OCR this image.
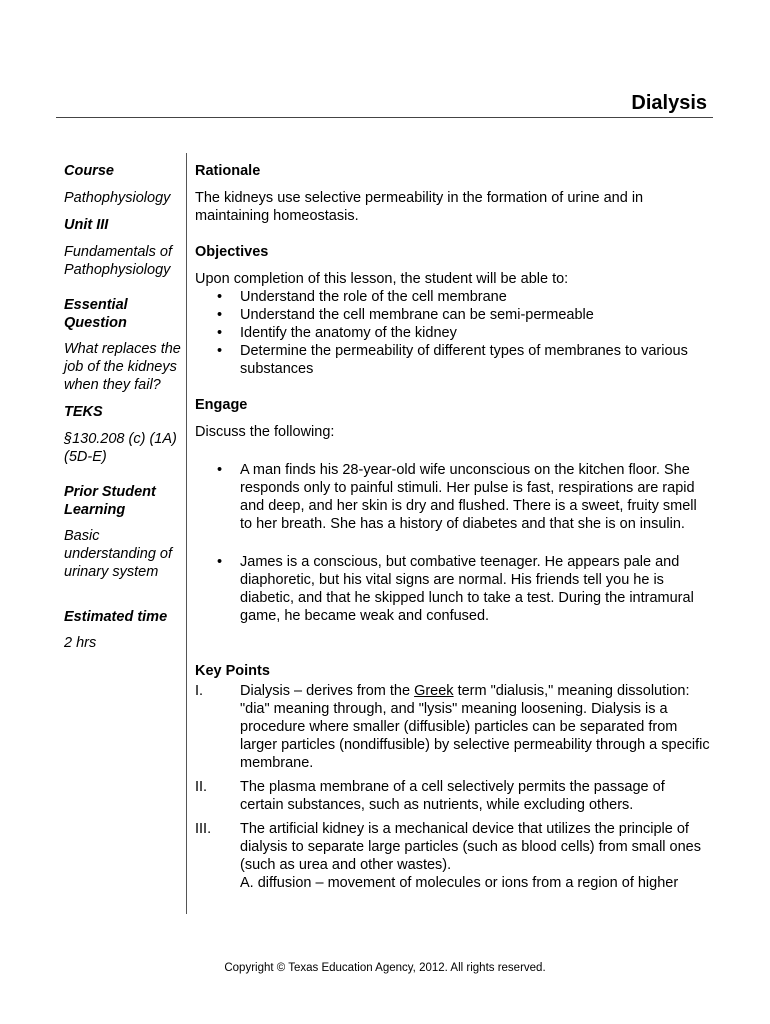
Dialysis
Course
Pathophysiology
Unit III
Fundamentals of Pathophysiology
Essential Question
What replaces the job of the kidneys when they fail?
TEKS
§130.208 (c) (1A) (5D-E)
Prior Student Learning
Basic understanding of urinary system
Estimated time
2 hrs
Rationale

The kidneys use selective permeability in the formation of urine and in maintaining homeostasis.

Objectives

Upon completion of this lesson, the student will be able to:

• Understand the role of the cell membrane
• Understand the cell membrane can be semi-permeable
• Identify the anatomy of the kidney
• Determine the permeability of different types of membranes to various substances
Engage

Discuss the following:

• A man finds his 28-year-old wife unconscious on the kitchen floor. She responds only to painful stimuli. Her pulse is fast, respirations are rapid and deep, and her skin is dry and flushed. There is a sweet, fruity smell to her breath. She has a history of diabetes and that she is on insulin.
• James is a conscious, but combative teenager. He appears pale and diaphoretic, but his vital signs are normal. His friends tell you he is diabetic, and that he skipped lunch to take a test. During the intramural game, he became weak and confused.
Key Points
I.	Dialysis – derives from the Greek term "dialusis," meaning dissolution: "dia" meaning through, and "lysis" meaning loosening. Dialysis is a procedure where smaller (diffusible) particles can be separated from larger particles (nondiffusible) by selective permeability through a specific membrane.
II. The plasma membrane of a cell selectively permits the passage of certain substances, such as nutrients, while excluding others.
III. The artificial kidney is a mechanical device that utilizes the principle of dialysis to separate large particles (such as blood cells) from small ones (such as urea and other wastes).
A. diffusion – movement of molecules or ions from a region of higher
Copyright © Texas Education Agency, 2012. All rights reserved.
